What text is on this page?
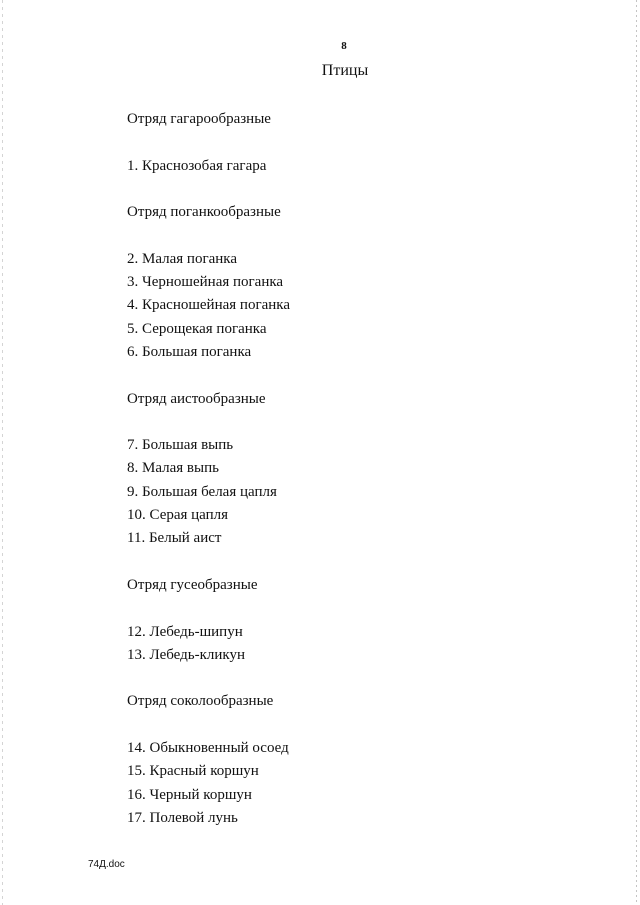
8
Птицы
Отряд гагарообразные
1. Краснозобая гагара
Отряд поганкообразные
2. Малая поганка
3. Черношейная поганка
4. Красношейная поганка
5. Серощекая поганка
6. Большая поганка
Отряд аистообразные
7. Большая выпь
8. Малая выпь
9. Большая белая цапля
10. Серая цапля
11. Белый аист
Отряд гусеобразные
12. Лебедь-шипун
13. Лебедь-кликун
Отряд соколообразные
14. Обыкновенный осоед
15. Красный коршун
16. Черный коршун
17. Полевой лунь
74Д.doc
